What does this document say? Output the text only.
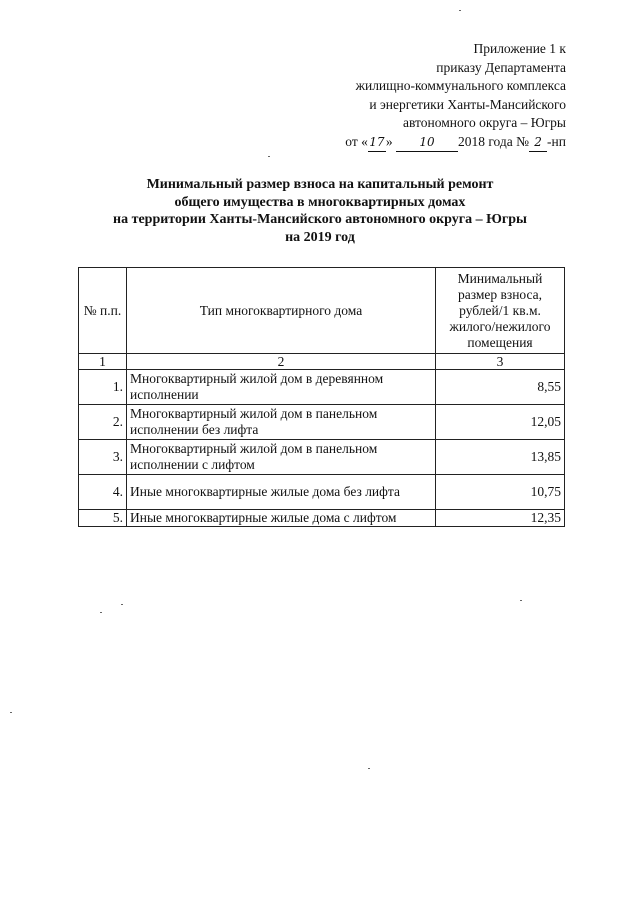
Приложение 1 к
приказу Департамента
жилищно-коммунального комплекса
и энергетики Ханты-Мансийского
автономного округа – Югры
от «17» 10 2018 года № 2 -нп
Минимальный размер взноса на капитальный ремонт
общего имущества в многоквартирных домах
на территории Ханты-Мансийского автономного округа – Югры
на 2019 год
№ п.п.	Тип многоквартирного дома	Минимальный размер взноса, рублей/1 кв.м. жилого/нежилого помещения
1	2	3
1.	Многоквартирный жилой дом в деревянном исполнении	8,55
2.	Многоквартирный жилой дом в панельном исполнении без лифта	12,05
3.	Многоквартирный жилой дом в панельном исполнении с лифтом	13,85
4.	Иные многоквартирные жилые дома без лифта	10,75
5.	Иные многоквартирные жилые дома с лифтом	12,35
